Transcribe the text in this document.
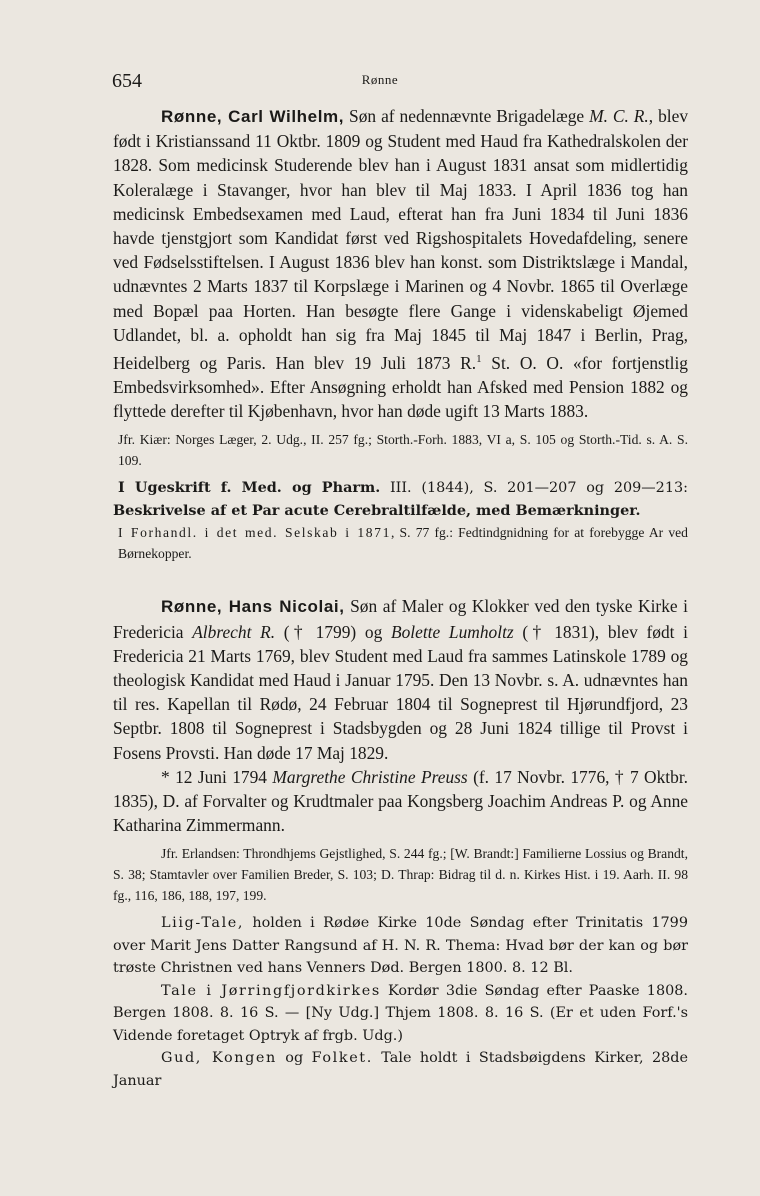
654	Rønne

Rønne, Carl Wilhelm, Søn af nedennævnte Brigadelæge M. C. R., blev født i Kristianssand 11 Oktbr. 1809 og Student med Haud fra Kathedralskolen der 1828. Som medicinsk Studerende blev han i August 1831 ansat som midlertidig Koleralæge i Stavanger, hvor han blev til Maj 1833. I April 1836 tog han medicinsk Embedsexamen med Laud, efterat han fra Juni 1834 til Juni 1836 havde tjenstgjort som Kandidat først ved Rigshospitalets Hovedafdeling, senere ved Fødselsstiftelsen. I August 1836 blev han konst. som Distriktslæge i Mandal, udnævntes 2 Marts 1837 til Korpslæge i Marinen og 4 Novbr. 1865 til Overlæge med Bopæl paa Horten. Han besøgte flere Gange i videnskabeligt Øjemed Udlandet, bl. a. opholdt han sig fra Maj 1845 til Maj 1847 i Berlin, Prag, Heidelberg og Paris. Han blev 19 Juli 1873 R.$^1$ St. O. O. «for fortjenstlig Embedsvirksomhed». Efter Ansøgning erholdt han Afsked med Pension 1882 og flyttede derefter til Kjøbenhavn, hvor han døde ugift 13 Marts 1883.

Jfr. Kiær: Norges Læger, 2. Udg., II. 257 fg.; Storth.-Forh. 1883, VI a, S. 105 og Storth.-Tid. s. A. S. 109.

I Ugeskrift f. Med. og Pharm. III. (1844), S. 201—207 og 209—213: Beskrivelse af et Par acute Cerebraltilfælde, med Bemærkninger.

I Forhandl. i det med. Selskab i 1871, S. 77 fg.: Fedtindgnidning for at forebygge Ar ved Børnekopper.

Rønne, Hans Nicolai, Søn af Maler og Klokker ved den tyske Kirke i Fredericia Albrecht R. († 1799) og Bolette Lumholtz († 1831), blev født i Fredericia 21 Marts 1769, blev Student med Laud fra sammes Latinskole 1789 og theologisk Kandidat med Haud i Januar 1795. Den 13 Novbr. s. A. udnævntes han til res. Kapellan til Rødø, 24 Februar 1804 til Sogneprest til Hjørundfjord, 23 Septbr. 1808 til Sogneprest i Stadsbygden og 28 Juni 1824 tillige til Provst i Fosens Provsti. Han døde 17 Maj 1829.

* 12 Juni 1794 Margrethe Christine Preuss (f. 17 Novbr. 1776, † 7 Oktbr. 1835), D. af Forvalter og Krudtmaler paa Kongsberg Joachim Andreas P. og Anne Katharina Zimmermann.

Jfr. Erlandsen: Throndhjems Gejstlighed, S. 244 fg.; [W. Brandt:] Familierne Lossius og Brandt, S. 38; Stamtavler over Familien Breder, S. 103; D. Thrap: Bidrag til d. n. Kirkes Hist. i 19. Aarh. II. 98 fg., 116, 186, 188, 197, 199.

Liig-Tale, holden i Rødøe Kirke 10de Søndag efter Trinitatis 1799 over Marit Jens Datter Rangsund af H. N. R. Thema: Hvad bør der kan og bør trøste Christnen ved hans Venners Død. Bergen 1800. 8. 12 Bl.

Tale i Jørringfjordkirkes Kordør 3die Søndag efter Paaske 1808. Bergen 1808. 8. 16 S. — [Ny Udg.] Thjem 1808. 8. 16 S. (Er et uden Forf.'s Vidende foretaget Optryk af frgb. Udg.)

Gud, Kongen og Folket. Tale holdt i Stadsbøigdens Kirker, 28de Januar
